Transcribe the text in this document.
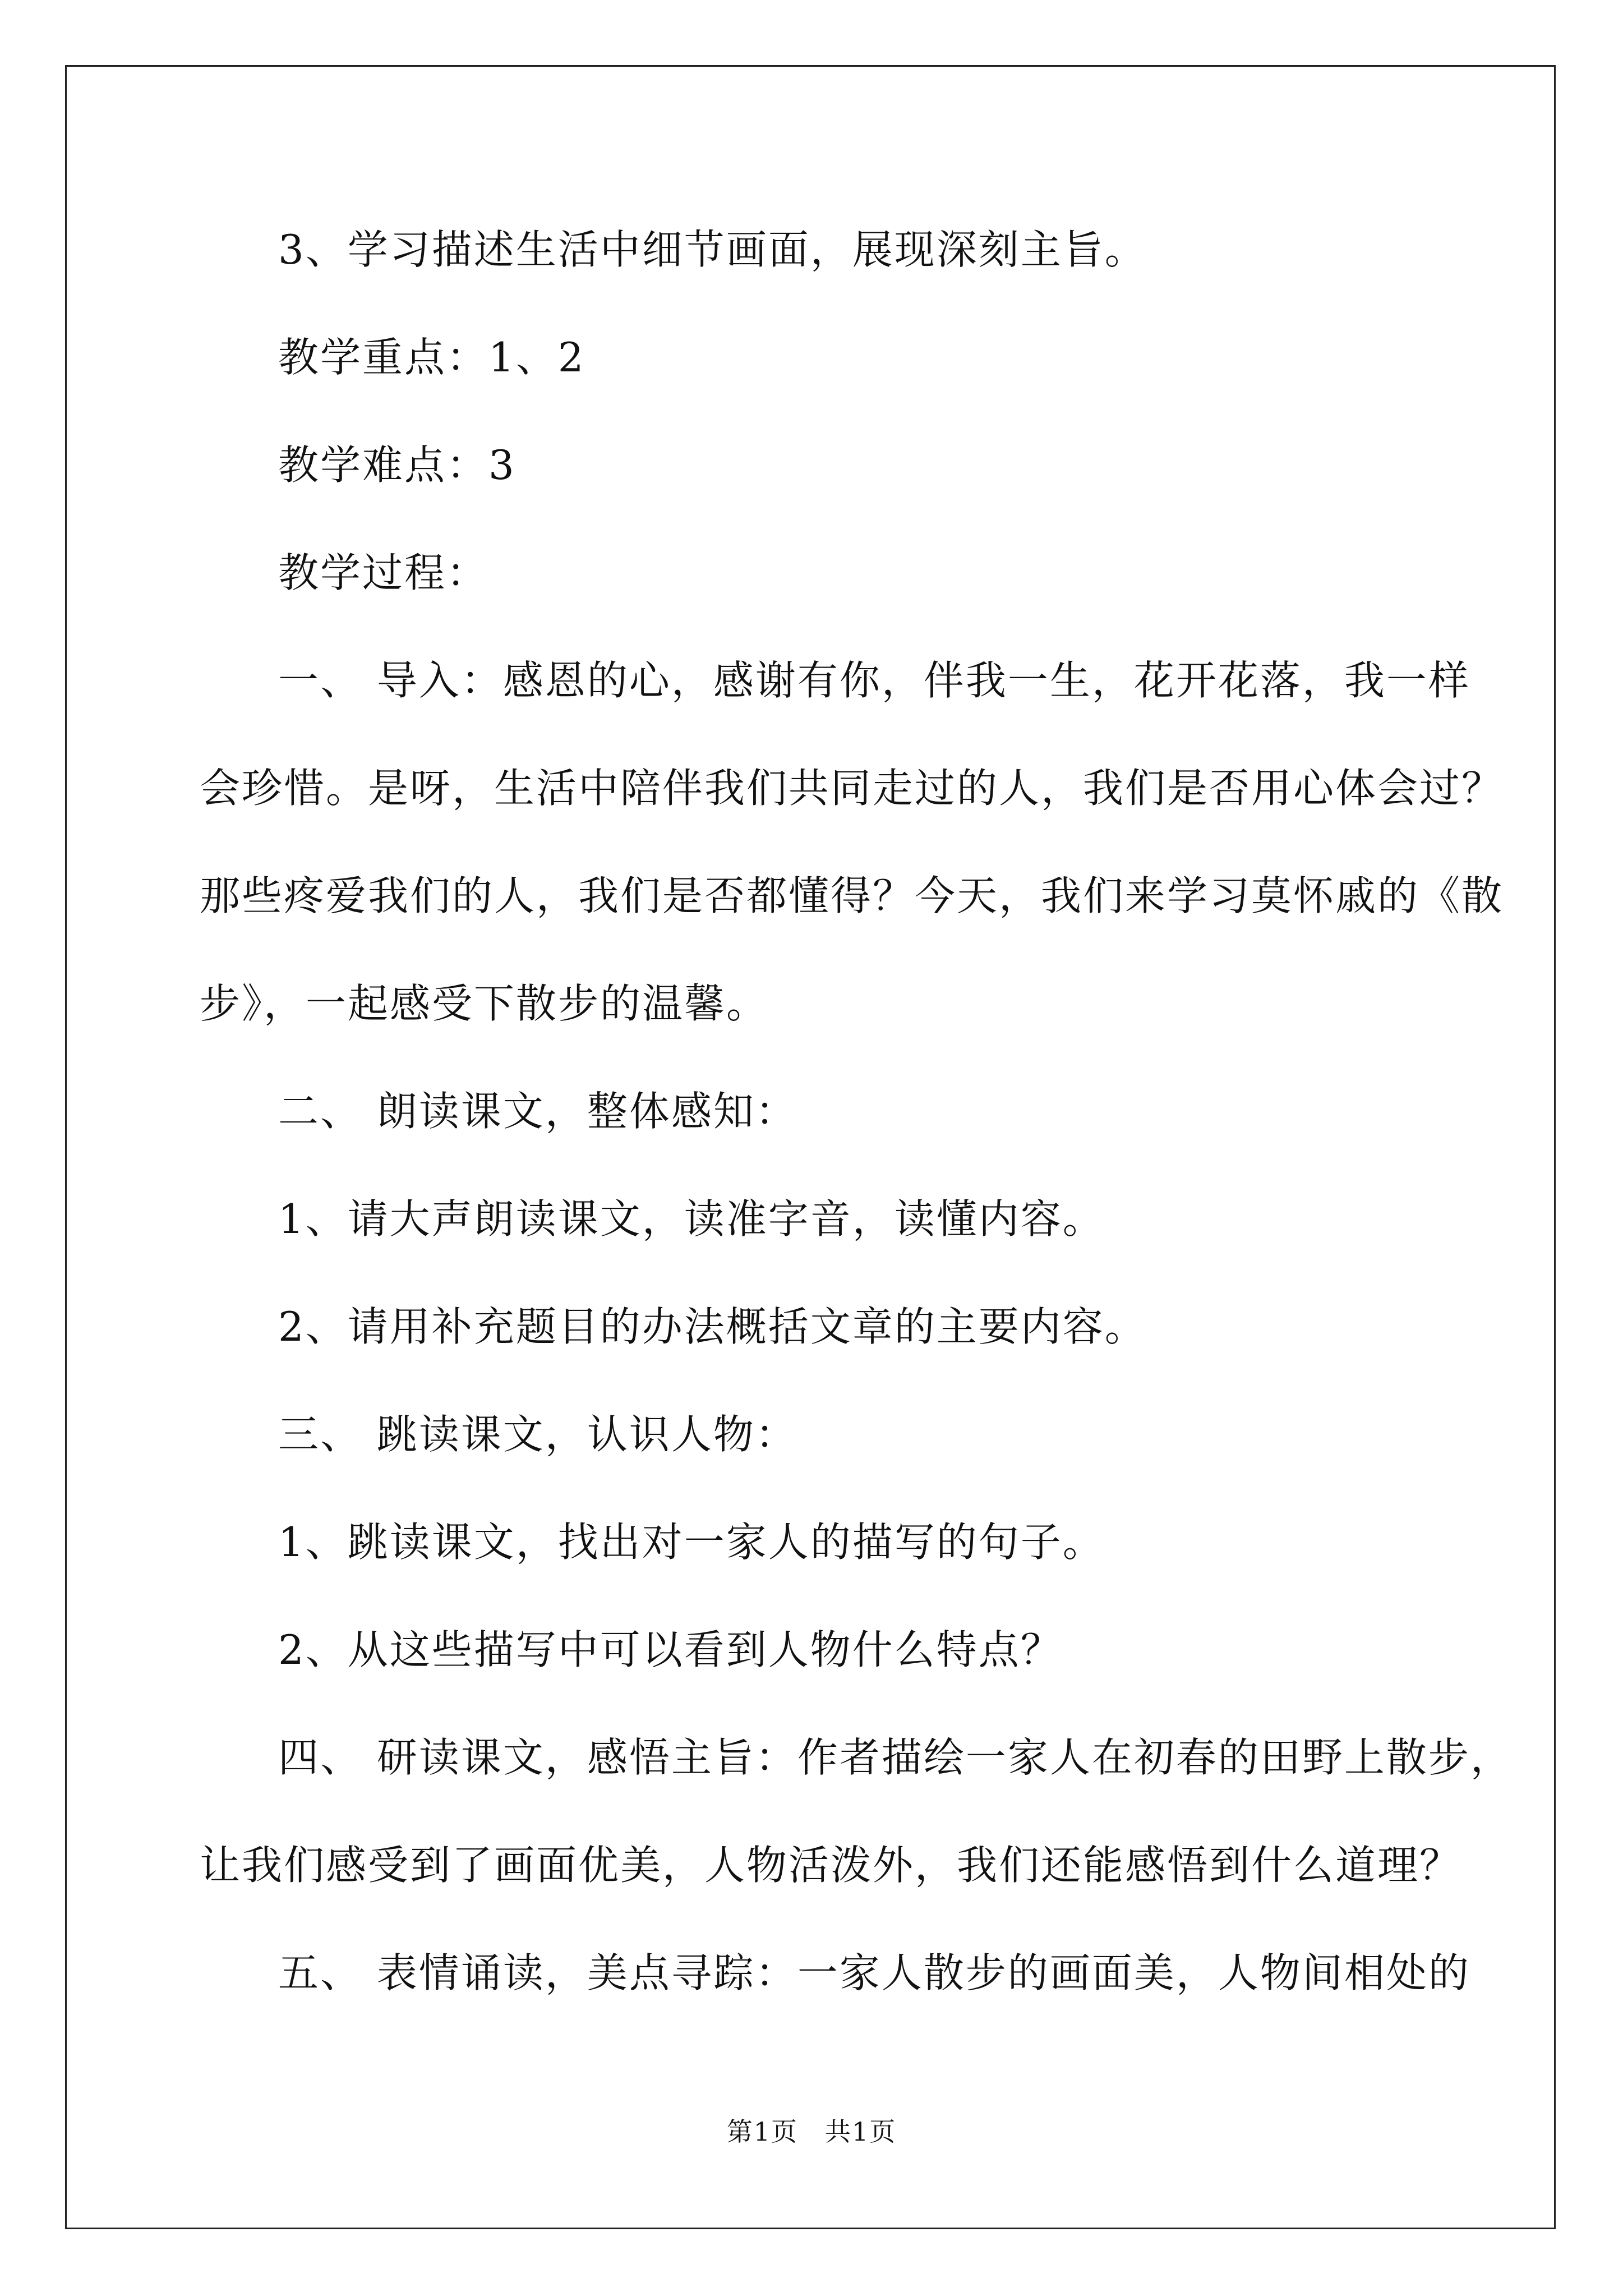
3、学习描述生活中细节画面，展现深刻主旨。
教学重点：1、2
教学难点：3
教学过程：
一、 导入：感恩的心，感谢有你，伴我一生，花开花落，我一样
会珍惜。是呀，生活中陪伴我们共同走过的人，我们是否用心体会过？
那些疼爱我们的人，我们是否都懂得？今天，我们来学习莫怀戚的《散
步》，一起感受下散步的温馨。
二、 朗读课文，整体感知：
1、请大声朗读课文，读准字音，读懂内容。
2、请用补充题目的办法概括文章的主要内容。
三、 跳读课文，认识人物：
1、跳读课文，找出对一家人的描写的句子。
2、从这些描写中可以看到人物什么特点？
四、 研读课文，感悟主旨：作者描绘一家人在初春的田野上散步，
让我们感受到了画面优美，人物活泼外，我们还能感悟到什么道理？
五、 表情诵读，美点寻踪：一家人散步的画面美，人物间相处的
第1页　共1页
